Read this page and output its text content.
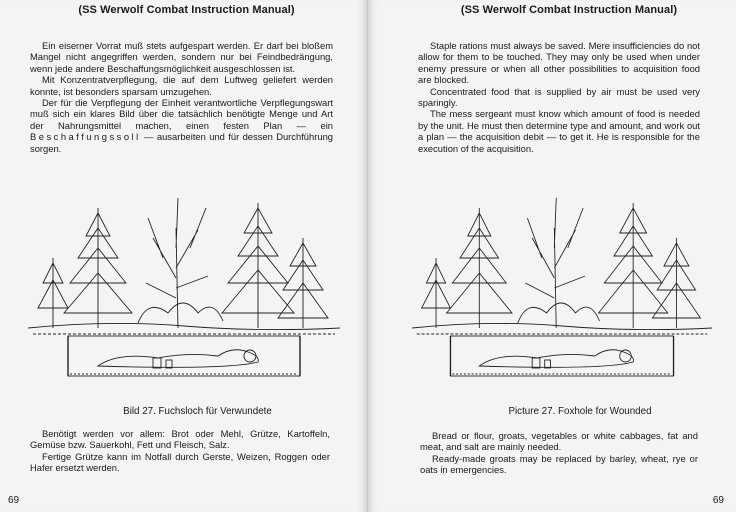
(SS Werwolf Combat Instruction Manual)

Ein eiserner Vorrat muß stets aufgespart werden. Er darf bei bloßem Mangel nicht angegriffen werden, sondern nur bei Feindbedrängung, wenn jede andere Beschaffungsmöglichkeit ausgeschlossen ist.

Mit Konzentratverpflegung, die auf dem Luftweg geliefert werden konnte, ist besonders sparsam umzugehen.

Der für die Verpflegung der Einheit verantwortliche Verpflegungswart muß sich ein klares Bild über die tatsächlich benötigte Menge und Art der Nahrungsmittel machen, einen festen Plan — ein Beschaffungssoll — ausarbeiten und für dessen Durchführung sorgen.

Bild 27. Fuchsloch für Verwundete

Benötigt werden vor allem: Brot oder Mehl, Grütze, Kartoffeln, Gemüse bzw. Sauerkohl, Fett und Fleisch, Salz.

Fertige Grütze kann im Notfall durch Gerste, Weizen, Roggen oder Hafer ersetzt werden.

69
(SS Werwolf Combat Instruction Manual)

Staple rations must always be saved. Mere insufficiencies do not allow for them to be touched. They may only be used when under enemy pressure or when all other possibilities to acquisition food are blocked.

Concentrated food that is supplied by air must be used very sparingly.

The mess sergeant must know which amount of food is needed by the unit. He must then determine type and amount, and work out a plan — the acquisition debit — to get it. He is responsible for the execution of the acquisition.

Picture 27. Foxhole for Wounded

Bread or flour, groats, vegetables or white cabbages, fat and meat, and salt are mainly needed.

Ready-made groats may be replaced by barley, wheat, rye or oats in emergencies.

69
